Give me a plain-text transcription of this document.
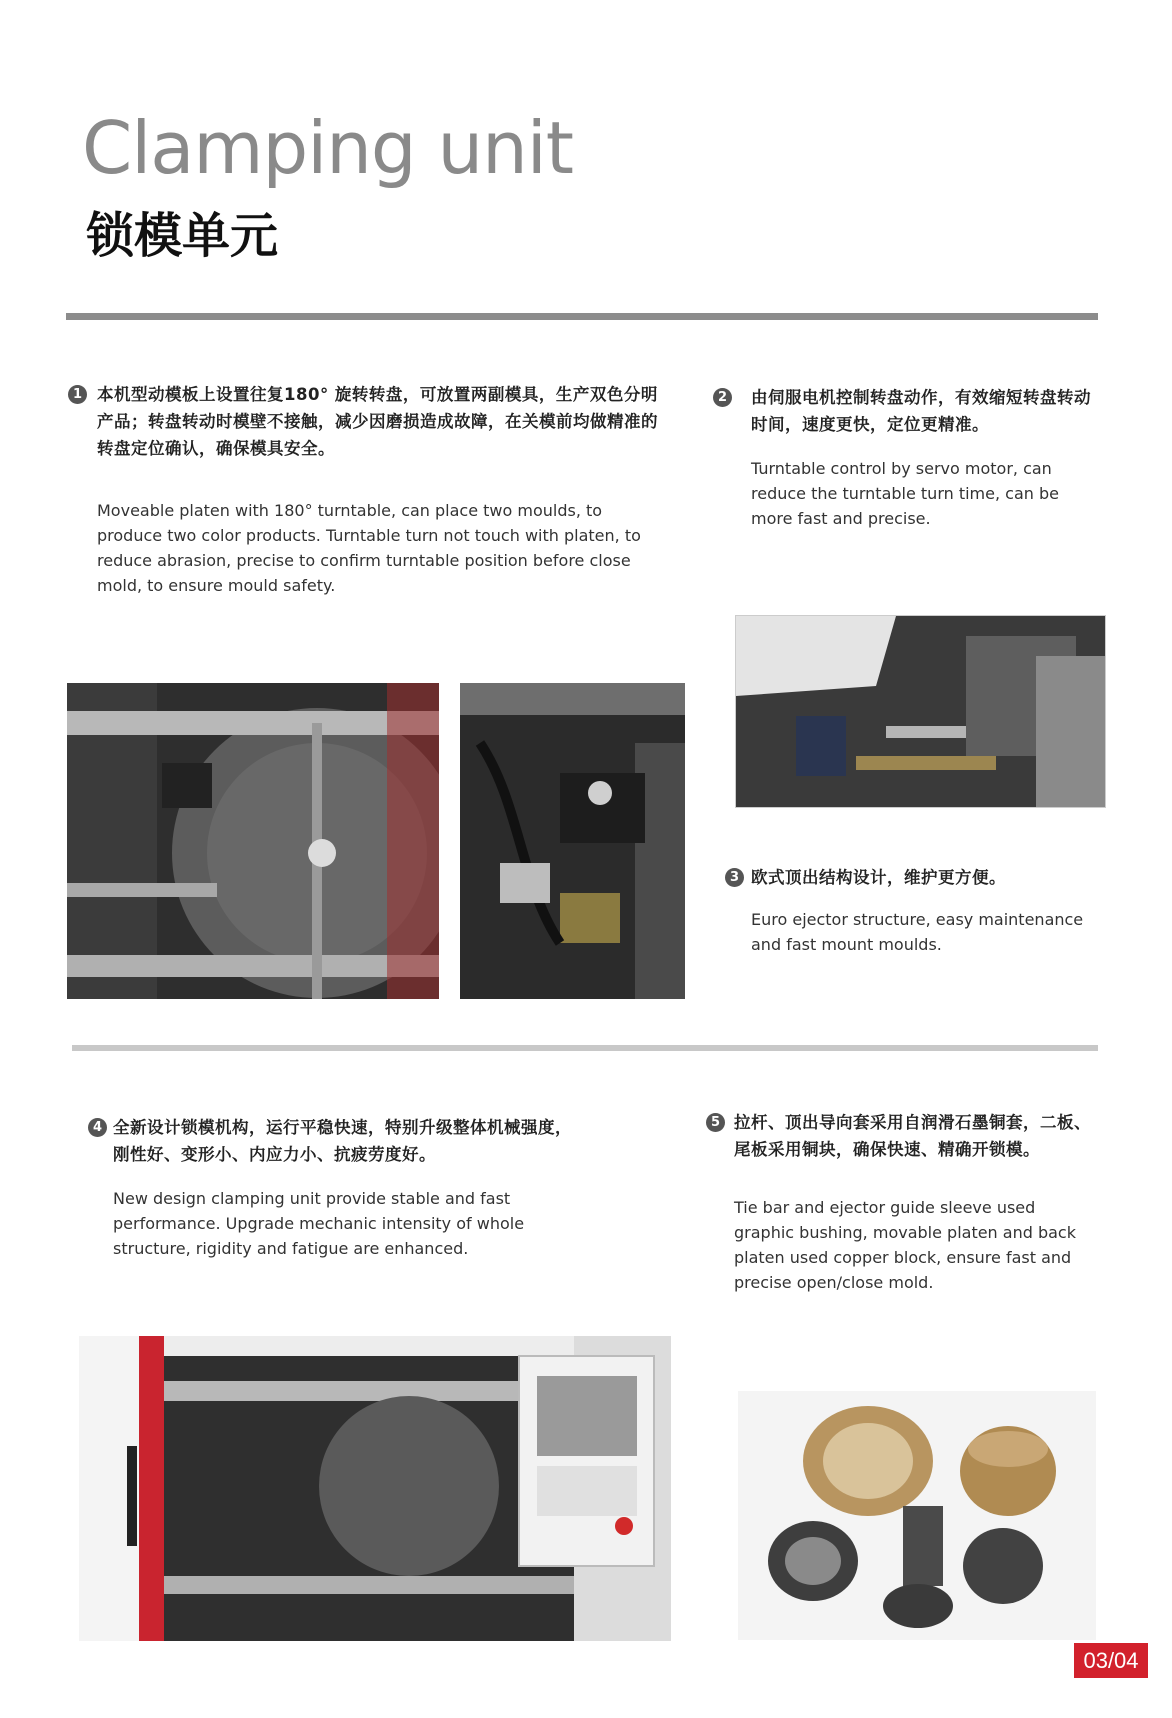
Clamping unit
锁模单元
1 本机型动模板上设置往复180° 旋转转盘，可放置两副模具，生产双色分明产品；转盘转动时模壁不接触，减少因磨损造成故障，在关模前均做精准的转盘定位确认，确保模具安全。
Moveable platen with 180° turntable, can place two moulds, to produce two color products. Turntable turn not touch with platen, to reduce abrasion, precise to confirm turntable position before close mold, to ensure mould safety.
2	由伺服电机控制转盘动作，有效缩短转盘转动时间，速度更快，定位更精准。
Turntable control by servo motor, can reduce the turntable turn time, can be more fast and precise.
3 欧式顶出结构设计，维护更方便。
Euro ejector structure, easy maintenance and fast mount moulds.
4 全新设计锁模机构，运行平稳快速，特别升级整体机械强度，刚性好、变形小、内应力小、抗疲劳度好。
New design clamping unit provide stable and fast performance. Upgrade mechanic intensity of whole structure, rigidity and fatigue are enhanced.
5 拉杆、顶出导向套采用自润滑石墨铜套，二板、尾板采用铜块，确保快速、精确开锁模。
Tie bar and ejector guide sleeve used graphic bushing, movable platen and back platen used copper block, ensure fast and precise open/close mold.
03/04
